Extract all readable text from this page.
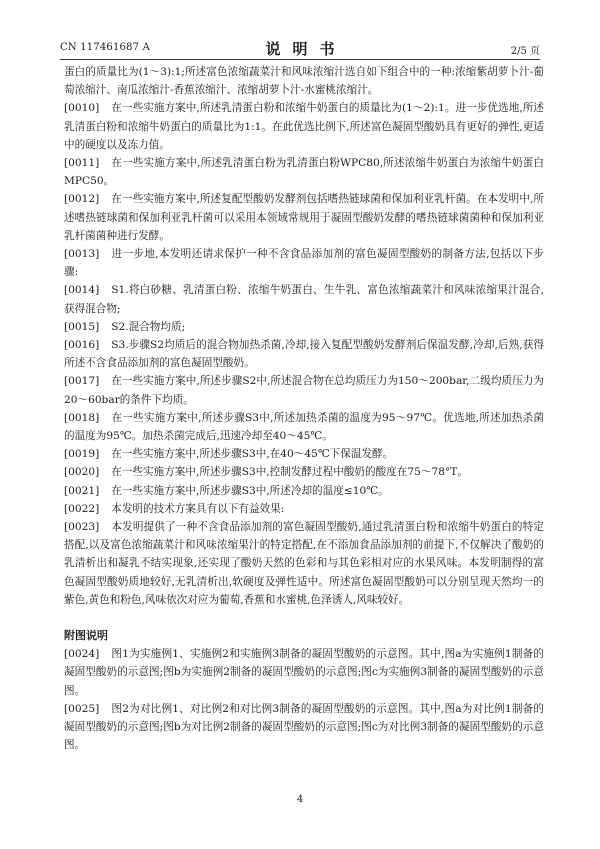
CN 117461687 A	说明书	2/5 页

蛋白的质量比为(1～3):1;所述富色浓缩蔬菜汁和风味浓缩汁选自如下组合中的一种:浓缩紫胡萝卜汁-葡萄浓缩汁、南瓜浓缩汁-香蕉浓缩汁、浓缩胡萝卜汁-水蜜桃浓缩汁。

[0010] 在一些实施方案中,所述乳清蛋白粉和浓缩牛奶蛋白的质量比为(1～2):1。进一步优选地,所述乳清蛋白粉和浓缩牛奶蛋白的质量比为1:1。在此优选比例下,所述富色凝固型酸奶具有更好的弹性,更适中的硬度以及冻力值。

[0011] 在一些实施方案中,所述乳清蛋白粉为乳清蛋白粉WPC80,所述浓缩牛奶蛋白为浓缩牛奶蛋白MPC50。

[0012] 在一些实施方案中,所述复配型酸奶发酵剂包括嗜热链球菌和保加利亚乳杆菌。在本发明中,所述嗜热链球菌和保加利亚乳杆菌可以采用本领域常规用于凝固型酸奶发酵的嗜热链球菌菌种和保加利亚乳杆菌菌种进行发酵。

[0013] 进一步地,本发明还请求保护一种不含食品添加剂的富色凝固型酸奶的制备方法,包括以下步骤:

[0014] S1.将白砂糖、乳清蛋白粉、浓缩牛奶蛋白、生牛乳、富色浓缩蔬菜汁和风味浓缩果汁混合,获得混合物;

[0015] S2.混合物均质;

[0016] S3.步骤S2均质后的混合物加热杀菌,冷却,接入复配型酸奶发酵剂后保温发酵,冷却,后熟,获得所述不含食品添加剂的富色凝固型酸奶。

[0017] 在一些实施方案中,所述步骤S2中,所述混合物在总均质压力为150～200bar,二级均质压力为20～60bar的条件下均质。

[0018] 在一些实施方案中,所述步骤S3中,所述加热杀菌的温度为95～97℃。优选地,所述加热杀菌的温度为95℃。加热杀菌完成后,迅速冷却至40～45℃。

[0019] 在一些实施方案中,所述步骤S3中,在40～45℃下保温发酵。

[0020] 在一些实施方案中,所述步骤S3中,控制发酵过程中酸奶的酸度在75～78°T。

[0021] 在一些实施方案中,所述步骤S3中,所述冷却的温度≤10℃。

[0022] 本发明的技术方案具有以下有益效果:

[0023] 本发明提供了一种不含食品添加剂的富色凝固型酸奶,通过乳清蛋白粉和浓缩牛奶蛋白的特定搭配,以及富色浓缩蔬菜汁和风味浓缩果汁的特定搭配,在不添加食品添加剂的前提下,不仅解决了酸奶的乳清析出和凝乳不结实现象,还实现了酸奶天然的色彩和与其色彩相对应的水果风味。本发明制得的富色凝固型酸奶质地较好,无乳清析出,软硬度及弹性适中。所述富色凝固型酸奶可以分别呈现天然均一的紫色,黄色和粉色,风味依次对应为葡萄,香蕉和水蜜桃,色泽诱人,风味较好。

附图说明

[0024] 图1为实施例1、实施例2和实施例3制备的凝固型酸奶的示意图。其中,图a为实施例1制备的凝固型酸奶的示意图;图b为实施例2制备的凝固型酸奶的示意图;图c为实施例3制备的凝固型酸奶的示意图。

[0025] 图2为对比例1、对比例2和对比例3制备的凝固型酸奶的示意图。其中,图a为对比例1制备的凝固型酸奶的示意图;图b为对比例2制备的凝固型酸奶的示意图;图c为对比例3制备的凝固型酸奶的示意图。

4
